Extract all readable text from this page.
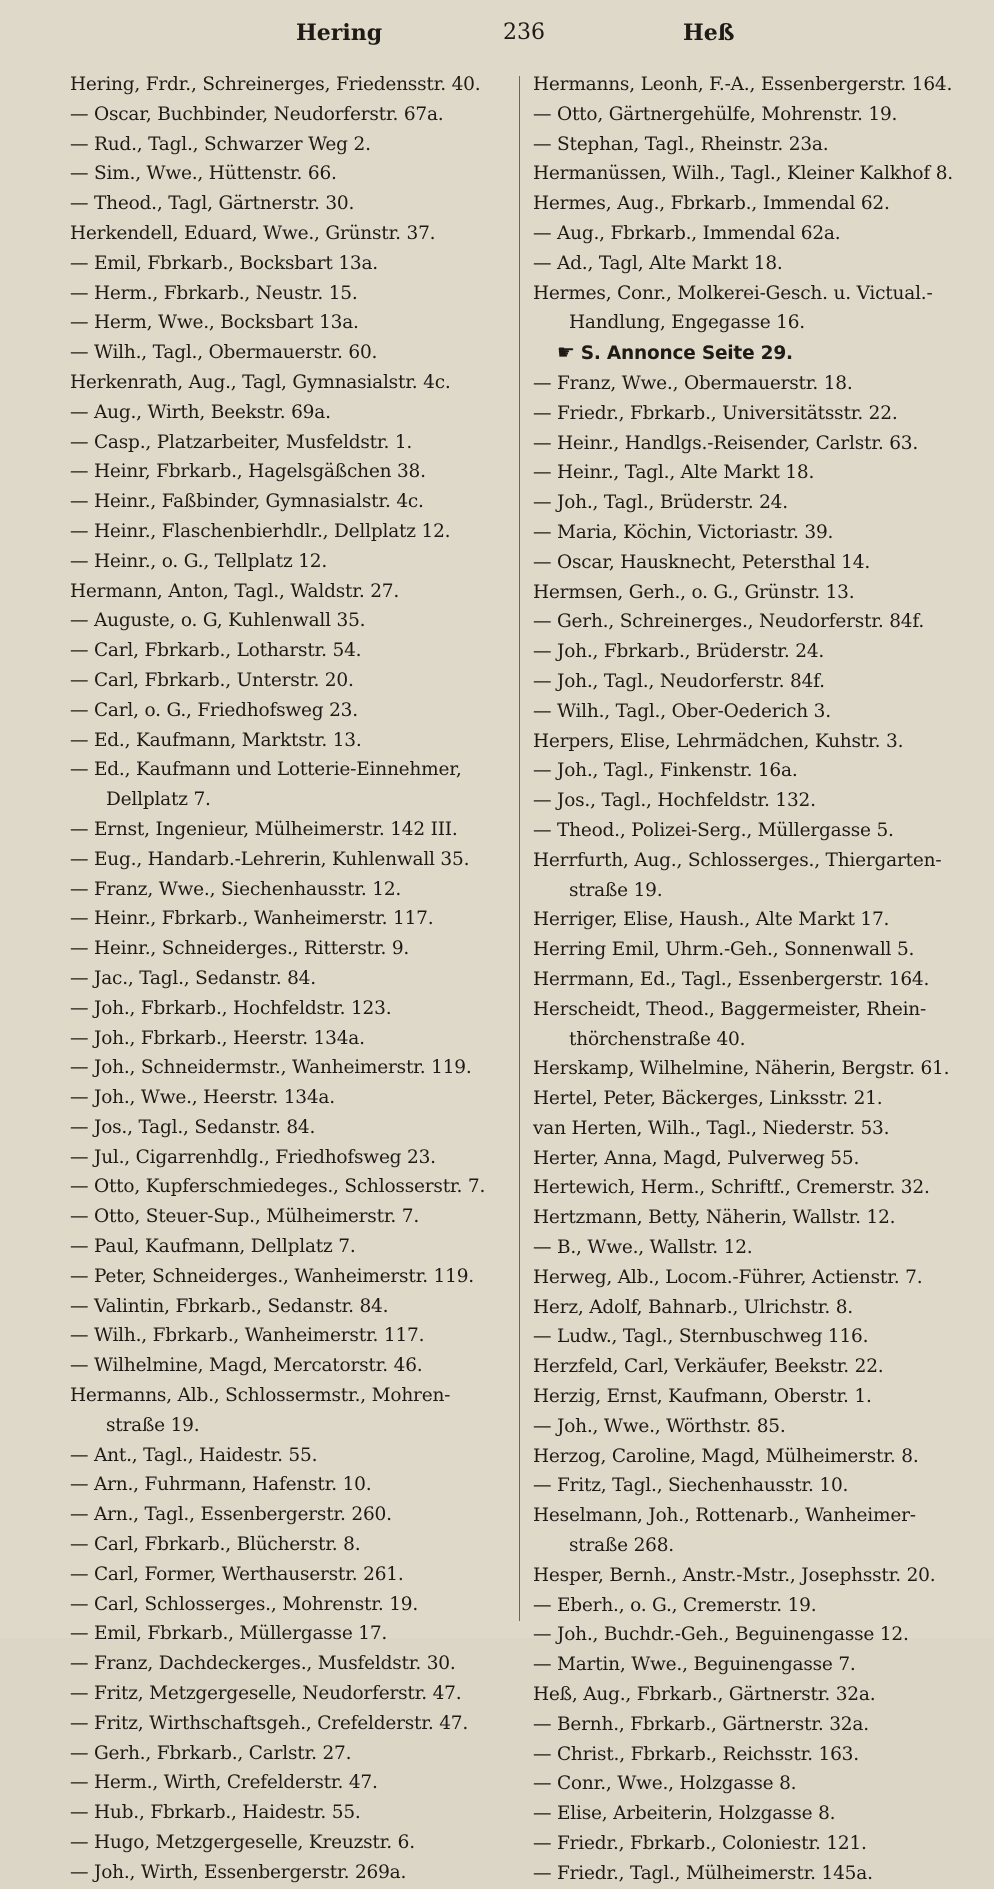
Hering	236	Heß
Hering, Frdr., Schreinerges, Friedensstr. 40.
— Oscar, Buchbinder, Neudorferstr. 67a.
— Rud., Tagl., Schwarzer Weg 2.
— Sim., Wwe., Hüttenstr. 66.
— Theod., Tagl, Gärtnerstr. 30.
Herkendell, Eduard, Wwe., Grünstr. 37.
— Emil, Fbrkarb., Bocksbart 13a.
— Herm., Fbrkarb., Neustr. 15.
— Herm, Wwe., Bocksbart 13a.
— Wilh., Tagl., Obermauerstr. 60.
Herkenrath, Aug., Tagl, Gymnasialstr. 4c.
— Aug., Wirth, Beekstr. 69a.
— Casp., Platzarbeiter, Musfeldstr. 1.
— Heinr, Fbrkarb., Hagelsgäßchen 38.
— Heinr., Faßbinder, Gymnasialstr. 4c.
— Heinr., Flaschenbierhdlr., Dellplatz 12.
— Heinr., o. G., Tellplatz 12.
Hermann, Anton, Tagl., Waldstr. 27.
— Auguste, o. G, Kuhlenwall 35.
— Carl, Fbrkarb., Lotharstr. 54.
— Carl, Fbrkarb., Unterstr. 20.
— Carl, o. G., Friedhofsweg 23.
— Ed., Kaufmann, Marktstr. 13.
— Ed., Kaufmann und Lotterie-Einnehmer,
Dellplatz 7.
— Ernst, Ingenieur, Mülheimerstr. 142 III.
— Eug., Handarb.-Lehrerin, Kuhlenwall 35.
— Franz, Wwe., Siechenhausstr. 12.
— Heinr., Fbrkarb., Wanheimerstr. 117.
— Heinr., Schneiderges., Ritterstr. 9.
— Jac., Tagl., Sedanstr. 84.
— Joh., Fbrkarb., Hochfeldstr. 123.
— Joh., Fbrkarb., Heerstr. 134a.
— Joh., Schneidermstr., Wanheimerstr. 119.
— Joh., Wwe., Heerstr. 134a.
— Jos., Tagl., Sedanstr. 84.
— Jul., Cigarrenhdlg., Friedhofsweg 23.
— Otto, Kupferschmiedeges., Schlosserstr. 7.
— Otto, Steuer-Sup., Mülheimerstr. 7.
— Paul, Kaufmann, Dellplatz 7.
— Peter, Schneiderges., Wanheimerstr. 119.
— Valintin, Fbrkarb., Sedanstr. 84.
— Wilh., Fbrkarb., Wanheimerstr. 117.
— Wilhelmine, Magd, Mercatorstr. 46.
Hermanns, Alb., Schlossermstr., Mohren-
straße 19.
— Ant., Tagl., Haidestr. 55.
— Arn., Fuhrmann, Hafenstr. 10.
— Arn., Tagl., Essenbergerstr. 260.
— Carl, Fbrkarb., Blücherstr. 8.
— Carl, Former, Werthauserstr. 261.
— Carl, Schlosserges., Mohrenstr. 19.
— Emil, Fbrkarb., Müllergasse 17.
— Franz, Dachdeckerges., Musfeldstr. 30.
— Fritz, Metzgergeselle, Neudorferstr. 47.
— Fritz, Wirthschaftsgeh., Crefelderstr. 47.
— Gerh., Fbrkarb., Carlstr. 27.
— Herm., Wirth, Crefelderstr. 47.
— Hub., Fbrkarb., Haidestr. 55.
— Hugo, Metzgergeselle, Kreuzstr. 6.
— Joh., Wirth, Essenbergerstr. 269a.
Hermanns, Leonh, F.-A., Essenbergerstr. 164.
— Otto, Gärtnergehülfe, Mohrenstr. 19.
— Stephan, Tagl., Rheinstr. 23a.
Hermanüssen, Wilh., Tagl., Kleiner Kalkhof 8.
Hermes, Aug., Fbrkarb., Immendal 62.
— Aug., Fbrkarb., Immendal 62a.
— Ad., Tagl, Alte Markt 18.
Hermes, Conr., Molkerei-Gesch. u. Victual.-
Handlung, Engegasse 16.
☛ S. Annonce Seite 29.
— Franz, Wwe., Obermauerstr. 18.
— Friedr., Fbrkarb., Universitätsstr. 22.
— Heinr., Handlgs.-Reisender, Carlstr. 63.
— Heinr., Tagl., Alte Markt 18.
— Joh., Tagl., Brüderstr. 24.
— Maria, Köchin, Victoriastr. 39.
— Oscar, Hausknecht, Petersthal 14.
Hermsen, Gerh., o. G., Grünstr. 13.
— Gerh., Schreinerges., Neudorferstr. 84f.
— Joh., Fbrkarb., Brüderstr. 24.
— Joh., Tagl., Neudorferstr. 84f.
— Wilh., Tagl., Ober-Oederich 3.
Herpers, Elise, Lehrmädchen, Kuhstr. 3.
— Joh., Tagl., Finkenstr. 16a.
— Jos., Tagl., Hochfeldstr. 132.
— Theod., Polizei-Serg., Müllergasse 5.
Herrfurth, Aug., Schlosserges., Thiergarten-
straße 19.
Herriger, Elise, Haush., Alte Markt 17.
Herring Emil, Uhrm.-Geh., Sonnenwall 5.
Herrmann, Ed., Tagl., Essenbergerstr. 164.
Herscheidt, Theod., Baggermeister, Rhein-
thörchenstraße 40.
Herskamp, Wilhelmine, Näherin, Bergstr. 61.
Hertel, Peter, Bäckerges, Linksstr. 21.
van Herten, Wilh., Tagl., Niederstr. 53.
Herter, Anna, Magd, Pulverweg 55.
Hertewich, Herm., Schriftf., Cremerstr. 32.
Hertzmann, Betty, Näherin, Wallstr. 12.
— B., Wwe., Wallstr. 12.
Herweg, Alb., Locom.-Führer, Actienstr. 7.
Herz, Adolf, Bahnarb., Ulrichstr. 8.
— Ludw., Tagl., Sternbuschweg 116.
Herzfeld, Carl, Verkäufer, Beekstr. 22.
Herzig, Ernst, Kaufmann, Oberstr. 1.
— Joh., Wwe., Wörthstr. 85.
Herzog, Caroline, Magd, Mülheimerstr. 8.
— Fritz, Tagl., Siechenhausstr. 10.
Heselmann, Joh., Rottenarb., Wanheimer-
straße 268.
Hesper, Bernh., Anstr.-Mstr., Josephsstr. 20.
— Eberh., o. G., Cremerstr. 19.
— Joh., Buchdr.-Geh., Beguinengasse 12.
— Martin, Wwe., Beguinengasse 7.
Heß, Aug., Fbrkarb., Gärtnerstr. 32a.
— Bernh., Fbrkarb., Gärtnerstr. 32a.
— Christ., Fbrkarb., Reichsstr. 163.
— Conr., Wwe., Holzgasse 8.
— Elise, Arbeiterin, Holzgasse 8.
— Friedr., Fbrkarb., Coloniestr. 121.
— Friedr., Tagl., Mülheimerstr. 145a.
